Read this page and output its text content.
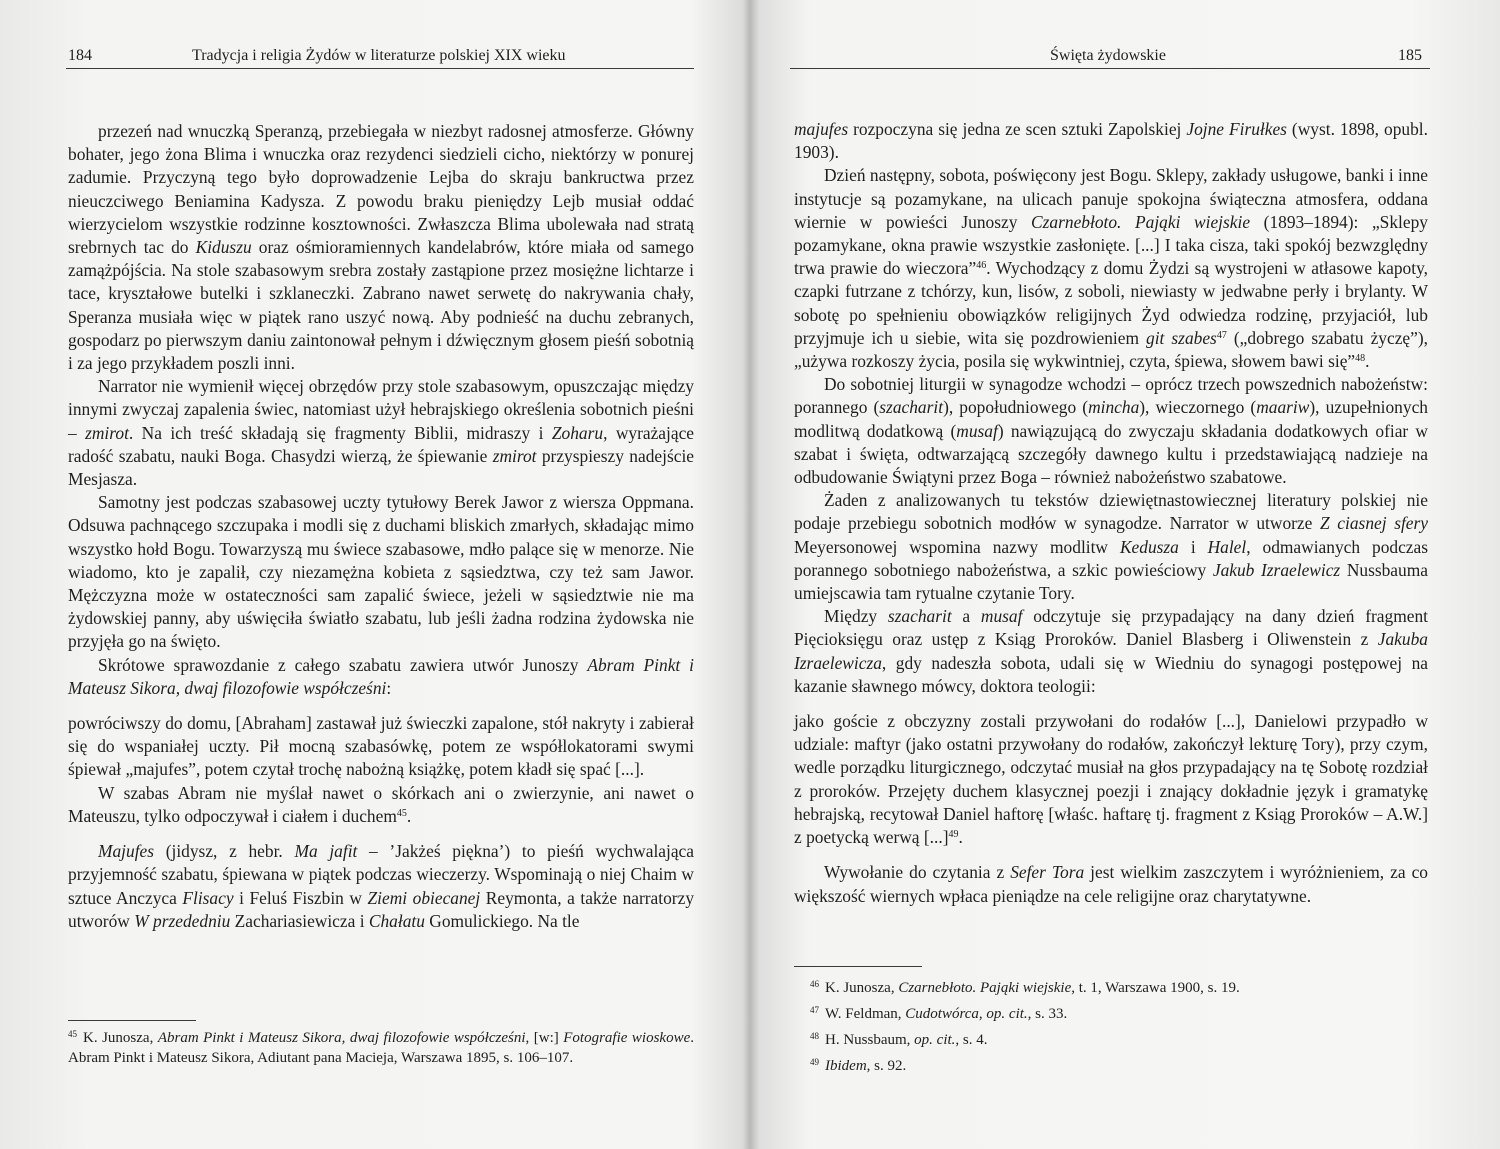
184	Tradycja i religia Żydów w literaturze polskiej XIX wieku

przezeń nad wnuczką Speranzą, przebiegała w niezbyt radosnej atmosferze. Główny bohater, jego żona Blima i wnuczka oraz rezydenci siedzieli cicho, niektórzy w ponurej zadumie. Przyczyną tego było doprowadzenie Lejba do skraju bankructwa przez nieuczciwego Beniamina Kadysza. Z powodu braku pieniędzy Lejb musiał oddać wierzycielom wszystkie rodzinne kosztowności. Zwłaszcza Blima ubolewała nad stratą srebrnych tac do Kiduszu oraz ośmioramiennych kandelabrów, które miała od samego zamążpójścia. Na stole szabasowym srebra zostały zastąpione przez mosiężne lichtarze i tace, kryształowe butelki i szklaneczki. Zabrano nawet serwetę do nakrywania chały, Speranza musiała więc w piątek rano uszyć nową. Aby podnieść na duchu zebranych, gospodarz po pierwszym daniu zaintonował pełnym i dźwięcznym głosem pieśń sobotnią i za jego przykładem poszli inni.

Narrator nie wymienił więcej obrzędów przy stole szabasowym, opuszczając między innymi zwyczaj zapalenia świec, natomiast użył hebrajskiego określenia sobotnich pieśni – zmirot. Na ich treść składają się fragmenty Biblii, midraszy i Zoharu, wyrażające radość szabatu, nauki Boga. Chasydzi wierzą, że śpiewanie zmirot przyspieszy nadejście Mesjasza.

Samotny jest podczas szabasowej uczty tytułowy Berek Jawor z wiersza Oppmana. Odsuwa pachnącego szczupaka i modli się z duchami bliskich zmarłych, składając mimo wszystko hołd Bogu. Towarzyszą mu świece szabasowe, mdło palące się w menorze. Nie wiadomo, kto je zapalił, czy niezamężna kobieta z sąsiedztwa, czy też sam Jawor. Mężczyzna może w ostateczności sam zapalić świece, jeżeli w sąsiedztwie nie ma żydowskiej panny, aby uświęciła światło szabatu, lub jeśli żadna rodzina żydowska nie przyjęła go na święto.

Skrótowe sprawozdanie z całego szabatu zawiera utwór Junoszy Abram Pinkt i Mateusz Sikora, dwaj filozofowie współcześni:

powróciwszy do domu, [Abraham] zastawał już świeczki zapalone, stół nakryty i zabierał się do wspaniałej uczty. Pił mocną szabasówkę, potem ze współlokatorami swymi śpiewał „majufes”, potem czytał trochę nabożną książkę, potem kładł się spać [...].

W szabas Abram nie myślał nawet o skórkach ani o zwierzynie, ani nawet o Mateuszu, tylko odpoczywał i ciałem i duchem$^{45}$.

Majufes (jidysz, z hebr. Ma jafit – ’Jakżeś piękna’) to pieśń wychwalająca przyjemność szabatu, śpiewana w piątek podczas wieczerzy. Wspominają o niej Chaim w sztuce Anczyca Flisacy i Feluś Fiszbin w Ziemi obiecanej Reymonta, a także narratorzy utworów W przededniu Zachariasiewicza i Chałatu Gomulickiego. Na tle

$^{45}$ K. Junosza, Abram Pinkt i Mateusz Sikora, dwaj filozofowie współcześni, [w:] Fotografie wioskowe. Abram Pinkt i Mateusz Sikora, Adiutant pana Macieja, Warszawa 1895, s. 106–107.

Święta żydowskie	185

majufes rozpoczyna się jedna ze scen sztuki Zapolskiej Jojne Firułkes (wyst. 1898, opubl. 1903).

Dzień następny, sobota, poświęcony jest Bogu. Sklepy, zakłady usługowe, banki i inne instytucje są pozamykane, na ulicach panuje spokojna świąteczna atmosfera, oddana wiernie w powieści Junoszy Czarnebłoto. Pająki wiejskie (1893–1894): „Sklepy pozamykane, okna prawie wszystkie zasłonięte. [...] I taka cisza, taki spokój bezwzględny trwa prawie do wieczora”$^{46}$. Wychodzący z domu Żydzi są wystrojeni w atłasowe kapoty, czapki futrzane z tchórzy, kun, lisów, z soboli, niewiasty w jedwabne perły i brylanty. W sobotę po spełnieniu obowiązków religijnych Żyd odwiedza rodzinę, przyjaciół, lub przyjmuje ich u siebie, wita się pozdrowieniem git szabes$^{47}$ („dobrego szabatu życzę”), „używa rozkoszy życia, posila się wykwintniej, czyta, śpiewa, słowem bawi się”$^{48}$.

Do sobotniej liturgii w synagodze wchodzi – oprócz trzech powszednich nabożeństw: porannego (szacharit), popołudniowego (mincha), wieczornego (maariw), uzupełnionych modlitwą dodatkową (musaf) nawiązującą do zwyczaju składania dodatkowych ofiar w szabat i święta, odtwarzającą szczegóły dawnego kultu i przedstawiającą nadzieje na odbudowanie Świątyni przez Boga – również nabożeństwo szabatowe.

Żaden z analizowanych tu tekstów dziewiętnastowiecznej literatury polskiej nie podaje przebiegu sobotnich modłów w synagodze. Narrator w utworze Z ciasnej sfery Meyersonowej wspomina nazwy modlitw Kedusza i Halel, odmawianych podczas porannego sobotniego nabożeństwa, a szkic powieściowy Jakub Izraelewicz Nussbauma umiejscawia tam rytualne czytanie Tory.

Między szacharit a musaf odczytuje się przypadający na dany dzień fragment Pięcioksięgu oraz ustęp z Ksiąg Proroków. Daniel Blasberg i Oliwenstein z Jakuba Izraelewicza, gdy nadeszła sobota, udali się w Wiedniu do synagogi postępowej na kazanie sławnego mówcy, doktora teologii:

jako goście z obczyzny zostali przywołani do rodałów [...], Danielowi przypadło w udziale: maftyr (jako ostatni przywołany do rodałów, zakończył lekturę Tory), przy czym, wedle porządku liturgicznego, odczytać musiał na głos przypadający na tę Sobotę rozdział z proroków. Przejęty duchem klasycznej poezji i znający dokładnie język i gramatykę hebrajską, recytował Daniel haftorę [właśc. haftarę tj. fragment z Ksiąg Proroków – A.W.] z poetycką werwą [...]$^{49}$.

Wywołanie do czytania z Sefer Tora jest wielkim zaszczytem i wyróżnieniem, za co większość wiernych wpłaca pieniądze na cele religijne oraz charytatywne.

$^{46}$ K. Junosza, Czarnebłoto. Pająki wiejskie, t. 1, Warszawa 1900, s. 19.

$^{47}$ W. Feldman, Cudotwórca, op. cit., s. 33.

$^{48}$ H. Nussbaum, op. cit., s. 4.

$^{49}$ Ibidem, s. 92.
